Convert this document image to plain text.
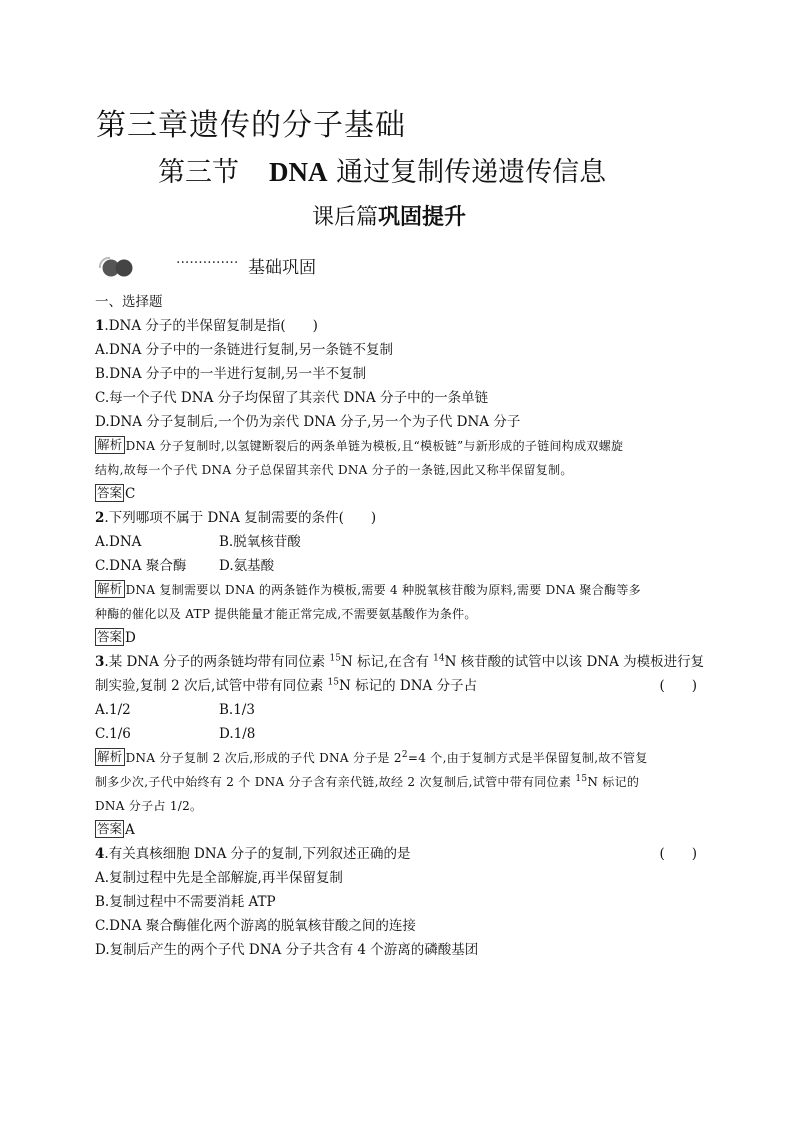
第三章遗传的分子基础
第三节 DNA 通过复制传递遗传信息
课后篇巩固提升
·············· 基础巩固
一、选择题
1.DNA 分子的半保留复制是指(　　)
A.DNA 分子中的一条链进行复制,另一条链不复制
B.DNA 分子中的一半进行复制,另一半不复制
C.每一个子代 DNA 分子均保留了其亲代 DNA 分子中的一条单链
D.DNA 分子复制后,一个仍为亲代 DNA 分子,另一个为子代 DNA 分子
解析 DNA 分子复制时,以氢键断裂后的两条单链为模板,且“模板链”与新形成的子链间构成双螺旋
结构,故每一个子代 DNA 分子总保留其亲代 DNA 分子的一条链,因此又称半保留复制。
答案 C
2.下列哪项不属于 DNA 复制需要的条件(　　)
A.DNA	B.脱氧核苷酸
C.DNA 聚合酶	D.氨基酸
解析 DNA 复制需要以 DNA 的两条链作为模板,需要 4 种脱氧核苷酸为原料,需要 DNA 聚合酶等多
种酶的催化以及 ATP 提供能量才能正常完成,不需要氨基酸作为条件。
答案 D
3.某 DNA 分子的两条链均带有同位素 $^{15}$N 标记,在含有 $^{14}$N 核苷酸的试管中以该 DNA 为模板进行复
制实验,复制 2 次后,试管中带有同位素 $^{15}$N 标记的 DNA 分子占	(　　)
A.1/2	B.1/3
C.1/6	D.1/8
解析 DNA 分子复制 2 次后,形成的子代 DNA 分子是 $2^2=4$ 个,由于复制方式是半保留复制,故不管复
制多少次,子代中始终有 2 个 DNA 分子含有亲代链,故经 2 次复制后,试管中带有同位素 $^{15}$N 标记的
DNA 分子占 1/2。
答案 A
4.有关真核细胞 DNA 分子的复制,下列叙述正确的是	(　　)
A.复制过程中先是全部解旋,再半保留复制
B.复制过程中不需要消耗 ATP
C.DNA 聚合酶催化两个游离的脱氧核苷酸之间的连接
D.复制后产生的两个子代 DNA 分子共含有 4 个游离的磷酸基团
